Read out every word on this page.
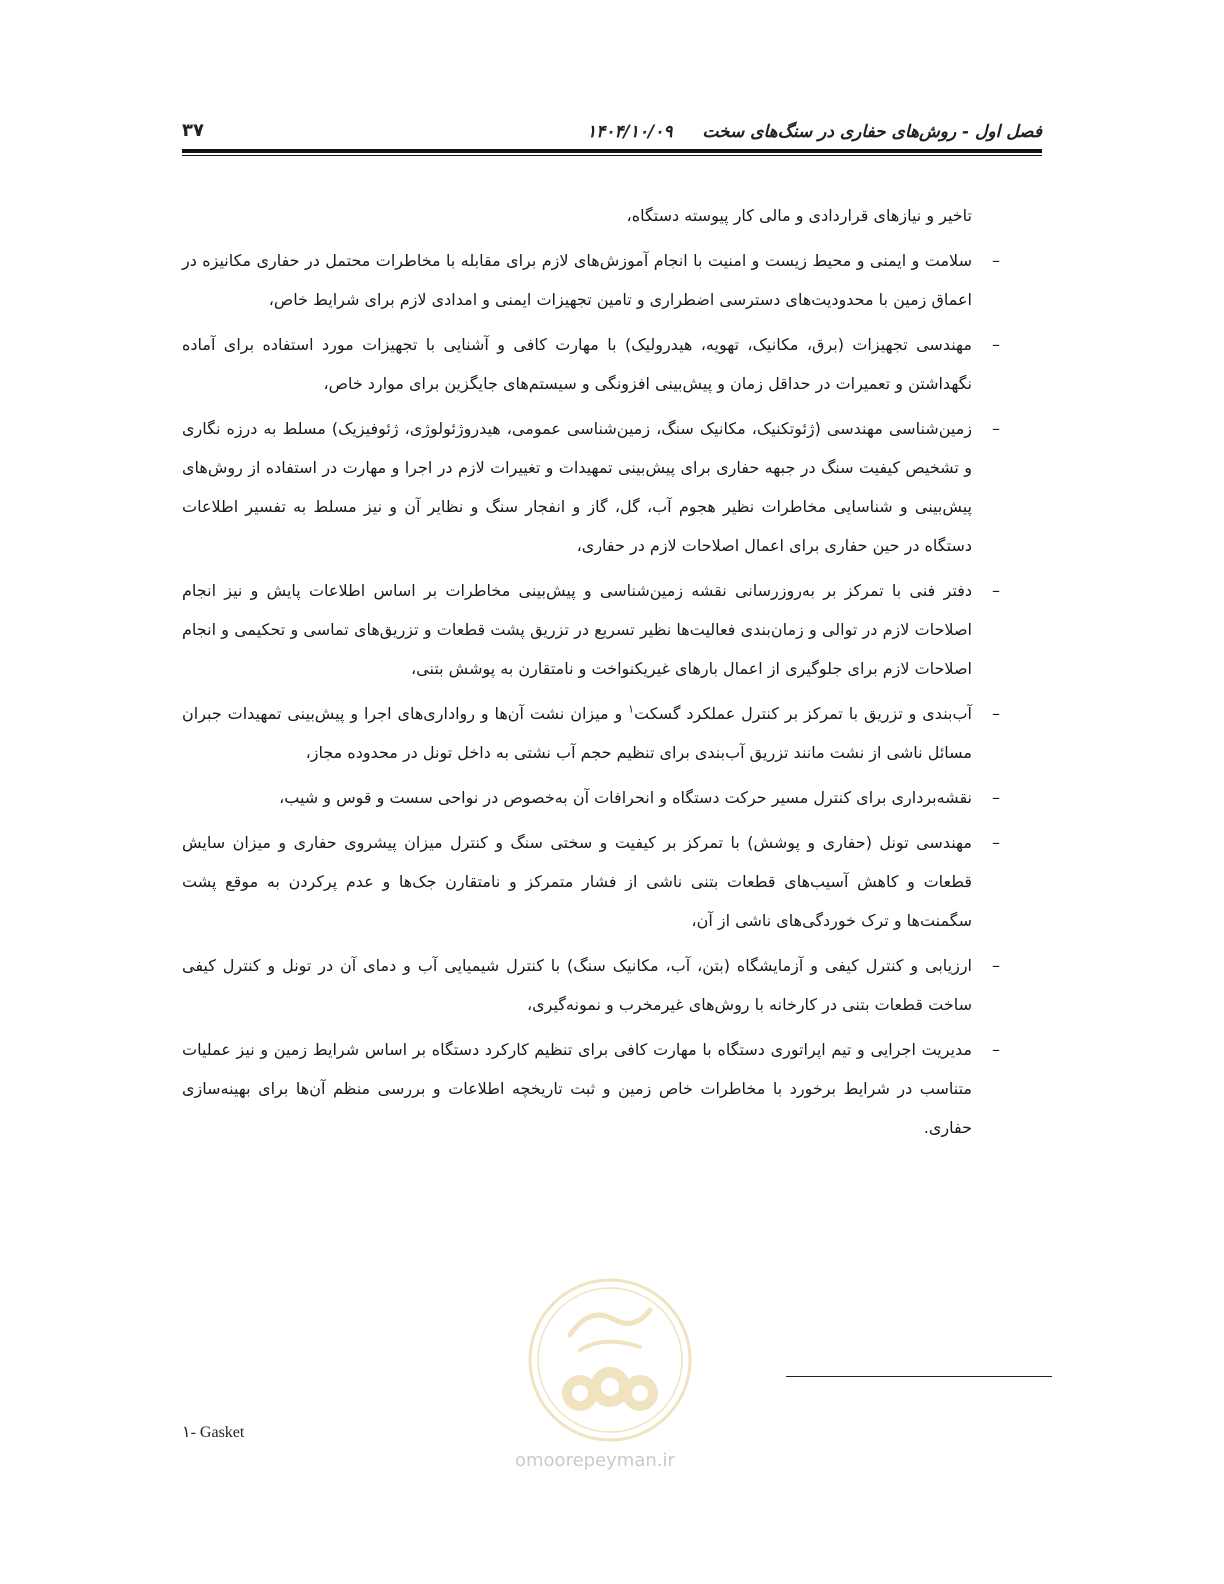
فصل اول - روش‌های حفاری در سنگ‌های سخت
۱۴۰۴/۱۰/۰۹
۳۷

تاخیر و نیازهای قراردادی و مالی کار پیوسته دستگاه،

–
سلامت و ایمنی و محیط زیست و امنیت با انجام آموزش‌های لازم برای مقابله با مخاطرات محتمل در حفاری مکانیزه در اعماق زمین با محدودیت‌های دسترسی اضطراری و تامین تجهیزات ایمنی و امدادی لازم برای شرایط خاص،

–
مهندسی تجهیزات (برق، مکانیک، تهویه، هیدرولیک) با مهارت کافی و آشنایی با تجهیزات مورد استفاده برای آماده نگهداشتن و تعمیرات در حداقل زمان و پیش‌بینی افزونگی و سیستم‌های جایگزین برای موارد خاص،

–
زمین‌شناسی مهندسی (ژئوتکنیک، مکانیک سنگ، زمین‌شناسی عمومی، هیدروژئولوژی، ژئوفیزیک) مسلط به درزه نگاری و تشخیص کیفیت سنگ در جبهه حفاری برای پیش‌بینی تمهیدات و تغییرات لازم در اجرا و مهارت در استفاده از روش‌های پیش‌بینی و شناسایی مخاطرات نظیر هجوم آب، گل، گاز و انفجار سنگ و نظایر آن و نیز مسلط به تفسیر اطلاعات دستگاه در حین حفاری برای اعمال اصلاحات لازم در حفاری،

–
دفتر فنی با تمرکز بر به‌روزرسانی نقشه زمین‌شناسی و پیش‌بینی مخاطرات بر اساس اطلاعات پایش و نیز انجام اصلاحات لازم در توالی و زمان‌بندی فعالیت‌ها نظیر تسریع در تزریق پشت قطعات و تزریق‌های تماسی و تحکیمی و انجام اصلاحات لازم برای جلوگیری از اعمال بارهای غیریکنواخت و نامتقارن به پوشش بتنی،

–
آب‌بندی و تزریق با تمرکز بر کنترل عملکرد گسکت$^۱$ و میزان نشت آن‌ها و رواداری‌های اجرا و پیش‌بینی تمهیدات جبران مسائل ناشی از نشت مانند تزریق آب‌بندی برای تنظیم حجم آب نشتی به داخل تونل در محدوده مجاز،

–
نقشه‌برداری برای کنترل مسیر حرکت دستگاه و انحرافات آن به‌خصوص در نواحی سست و قوس و شیب،

–
مهندسی تونل (حفاری و پوشش) با تمرکز بر کیفیت و سختی سنگ و کنترل میزان پیشروی حفاری و میزان سایش قطعات و کاهش آسیب‌های قطعات بتنی ناشی از فشار متمرکز و نامتقارن جک‌ها و عدم پرکردن به موقع پشت سگمنت‌ها و ترک خوردگی‌های ناشی از آن،

–
ارزیابی و کنترل کیفی و آزمایشگاه (بتن، آب، مکانیک سنگ) با کنترل شیمیایی آب و دمای آن در تونل و کنترل کیفی ساخت قطعات بتنی در کارخانه با روش‌های غیرمخرب و نمونه‌گیری،

–
مدیریت اجرایی و تیم اپراتوری دستگاه با مهارت کافی برای تنظیم کارکرد دستگاه بر اساس شرایط زمین و نیز عملیات متناسب در شرایط برخورد با مخاطرات خاص زمین و ثبت تاریخچه اطلاعات و بررسی منظم آن‌ها برای بهینه‌سازی حفاری.

omoorepeyman.ir
۱- Gasket
